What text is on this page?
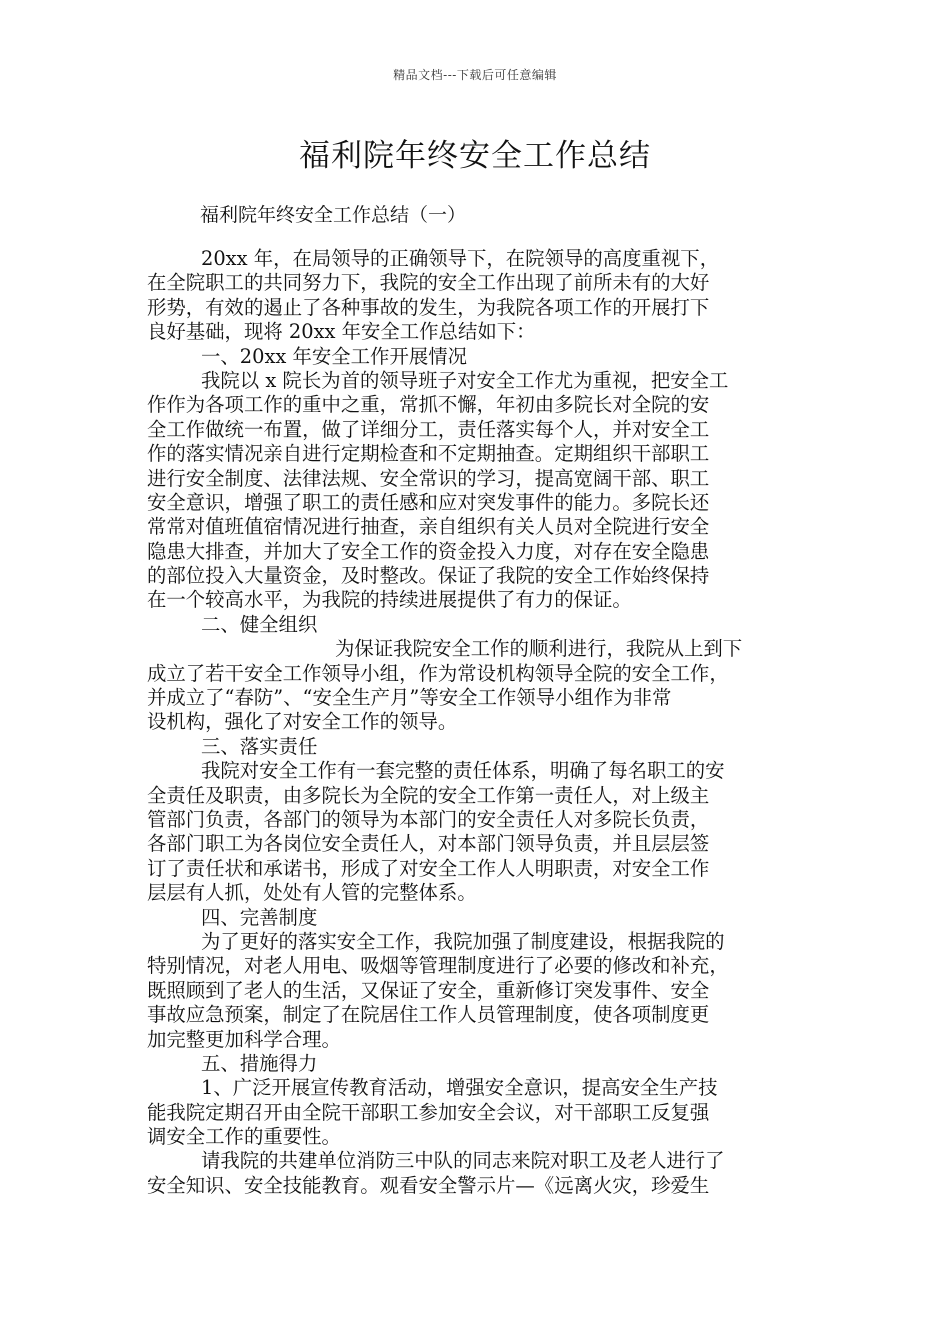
精品文档---下载后可任意编辑
福利院年终安全工作总结
福利院年终安全工作总结（一）
20xx 年，在局领导的正确领导下，在院领导的高度重视下，
在全院职工的共同努力下，我院的安全工作出现了前所未有的大好
形势，有效的遏止了各种事故的发生，为我院各项工作的开展打下
良好基础，现将 20xx 年安全工作总结如下：
一、20xx 年安全工作开展情况
我院以 x 院长为首的领导班子对安全工作尤为重视，把安全工
作作为各项工作的重中之重，常抓不懈，年初由多院长对全院的安
全工作做统一布置，做了详细分工，责任落实每个人，并对安全工
作的落实情况亲自进行定期检查和不定期抽查。定期组织干部职工
进行安全制度、法律法规、安全常识的学习，提高宽阔干部、职工
安全意识，增强了职工的责任感和应对突发事件的能力。多院长还
常常对值班值宿情况进行抽查，亲自组织有关人员对全院进行安全
隐患大排查，并加大了安全工作的资金投入力度，对存在安全隐患
的部位投入大量资金，及时整改。保证了我院的安全工作始终保持
在一个较高水平，为我院的持续进展提供了有力的保证。
二、健全组织
为保证我院安全工作的顺利进行，我院从上到下
成立了若干安全工作领导小组，作为常设机构领导全院的安全工作，
并成立了“春防”、“安全生产月”等安全工作领导小组作为非常
设机构，强化了对安全工作的领导。
三、落实责任
我院对安全工作有一套完整的责任体系，明确了每名职工的安
全责任及职责，由多院长为全院的安全工作第一责任人，对上级主
管部门负责，各部门的领导为本部门的安全责任人对多院长负责，
各部门职工为各岗位安全责任人，对本部门领导负责，并且层层签
订了责任状和承诺书，形成了对安全工作人人明职责，对安全工作
层层有人抓，处处有人管的完整体系。
四、完善制度
为了更好的落实安全工作，我院加强了制度建设，根据我院的
特别情况，对老人用电、吸烟等管理制度进行了必要的修改和补充，
既照顾到了老人的生活，又保证了安全，重新修订突发事件、安全
事故应急预案，制定了在院居住工作人员管理制度，使各项制度更
加完整更加科学合理。
五、措施得力
1、广泛开展宣传教育活动，增强安全意识，提高安全生产技
能我院定期召开由全院干部职工参加安全会议，对干部职工反复强
调安全工作的重要性。
请我院的共建单位消防三中队的同志来院对职工及老人进行了
安全知识、安全技能教育。观看安全警示片—《远离火灾，珍爱生
